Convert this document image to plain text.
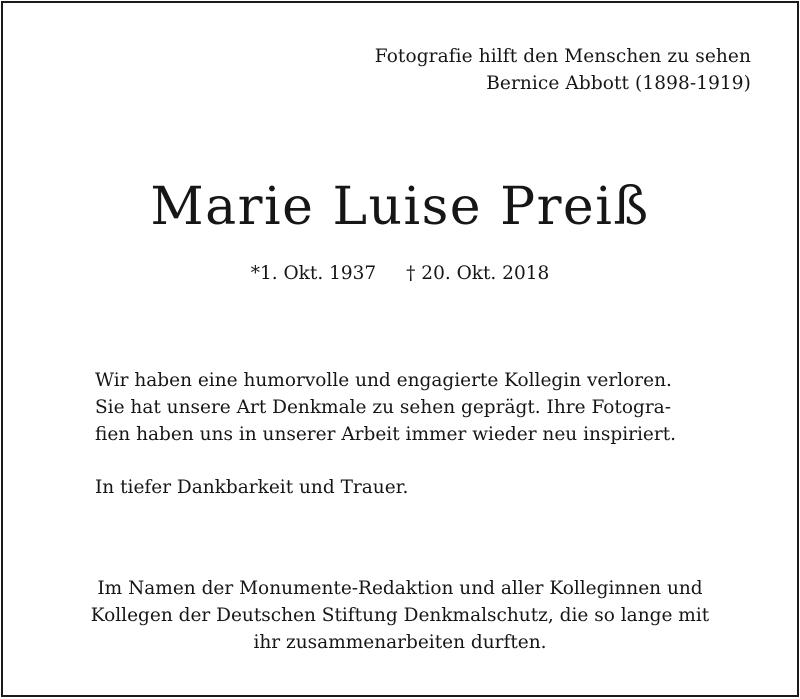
Fotografie hilft den Menschen zu sehen
Bernice Abbott (1898-1919)
Marie Luise Preiß
*1. Okt. 1937 † 20. Okt. 2018
Wir haben eine humorvolle und engagierte Kollegin verloren.
Sie hat unsere Art Denkmale zu sehen geprägt. Ihre Fotogra-
fien haben uns in unserer Arbeit immer wieder neu inspiriert.
In tiefer Dankbarkeit und Trauer.
Im Namen der Monumente-Redaktion und aller Kolleginnen und
Kollegen der Deutschen Stiftung Denkmalschutz, die so lange mit
ihr zusammenarbeiten durften.
